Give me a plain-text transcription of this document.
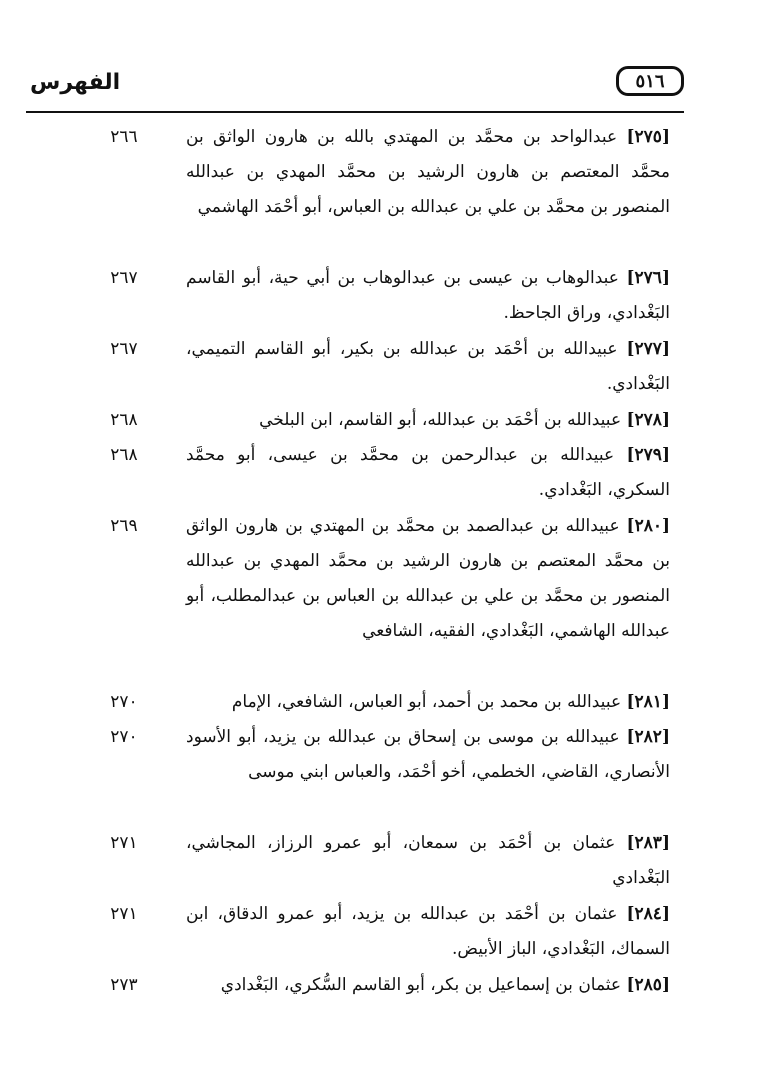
الفهرس	٥١٦
[٢٧٥] عبدالواحد بن محمَّد بن المهتدي بالله بن هارون الواثق بن محمَّد المعتصم بن هارون الرشيد بن محمَّد المهدي بن عبدالله المنصور بن محمَّد بن علي بن عبدالله بن العباس، أبو أحْمَد الهاشمي
٢٦٦
[٢٧٦] عبدالوهاب بن عيسى بن عبدالوهاب بن أبي حية، أبو القاسم البَغْدادي، وراق الجاحظ.
٢٦٧
[٢٧٧] عبيدالله بن أحْمَد بن عبدالله بن بكير، أبو القاسم التميمي، البَغْدادي.
٢٦٧
[٢٧٨] عبيدالله بن أحْمَد بن عبدالله، أبو القاسم، ابن البلخي
٢٦٨
[٢٧٩] عبيدالله بن عبدالرحمن بن محمَّد بن عيسى، أبو محمَّد السكري، البَغْدادي.
٢٦٨
[٢٨٠] عبيدالله بن عبدالصمد بن محمَّد بن المهتدي بن هارون الواثق بن محمَّد المعتصم بن هارون الرشيد بن محمَّد المهدي بن عبدالله المنصور بن محمَّد بن علي بن عبدالله بن العباس بن عبدالمطلب، أبو عبدالله الهاشمي، البَغْدادي، الفقيه، الشافعي
٢٦٩
[٢٨١] عبيدالله بن محمد بن أحمد، أبو العباس، الشافعي، الإمام
٢٧٠
[٢٨٢] عبيدالله بن موسى بن إسحاق بن عبدالله بن يزيد، أبو الأسود الأنصاري، القاضي، الخطمي، أخو أحْمَد، والعباس ابني موسى
٢٧٠
[٢٨٣] عثمان بن أحْمَد بن سمعان، أبو عمرو الرزاز، المجاشي، البَغْدادي
٢٧١
[٢٨٤] عثمان بن أحْمَد بن عبدالله بن يزيد، أبو عمرو الدقاق، ابن السماك، البَغْدادي، الباز الأبيض.
٢٧١
[٢٨٥] عثمان بن إسماعيل بن بكر، أبو القاسم السُّكري، البَغْدادي
٢٧٣
